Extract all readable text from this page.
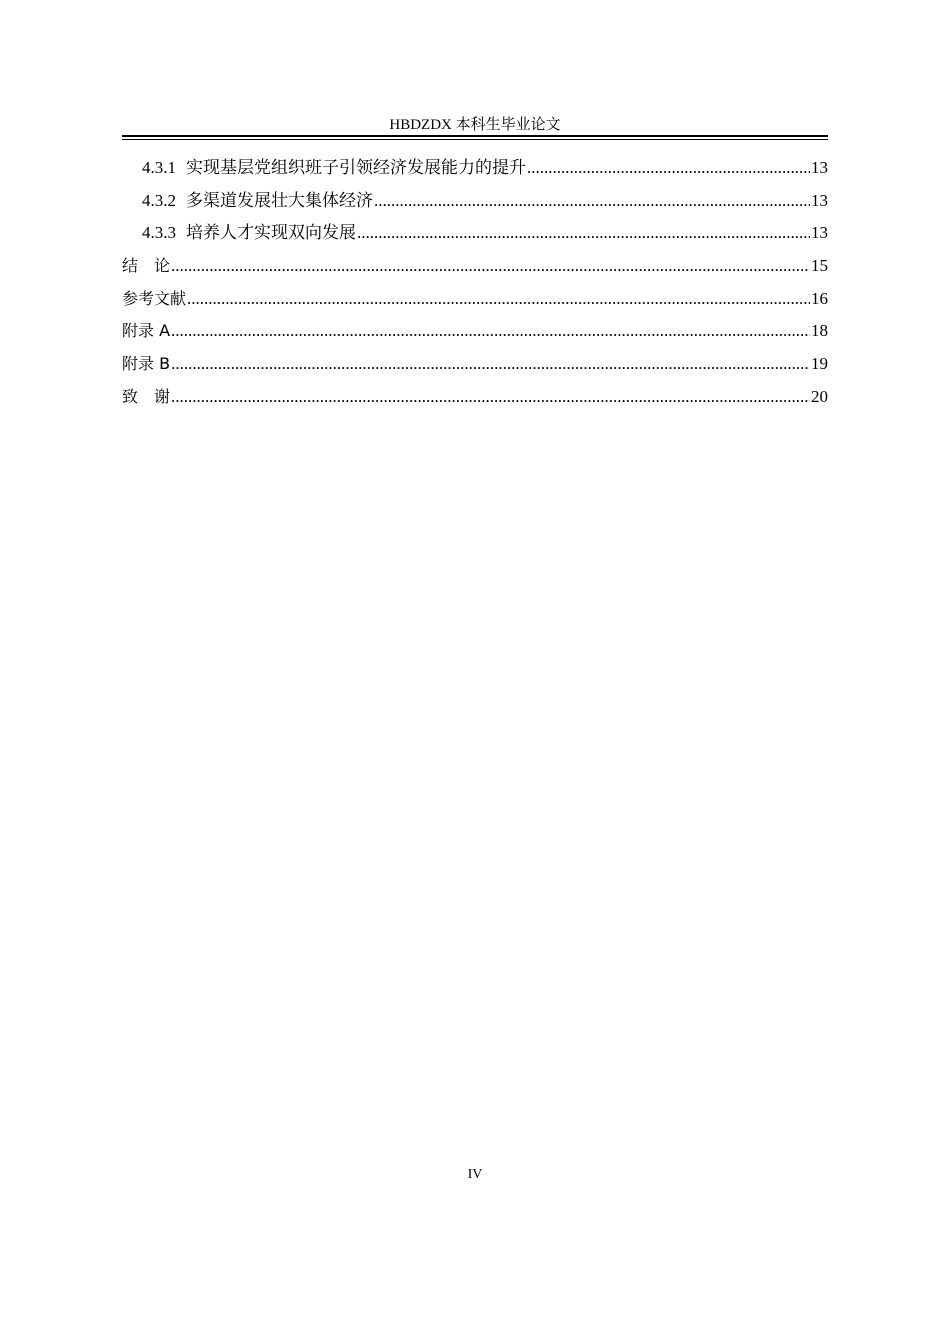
HBDZDX 本科生毕业论文
4.3.1 实现基层党组织班子引领经济发展能力的提升 .....	13
4.3.2 多渠道发展壮大集体经济 .....	13
4.3.3 培养人才实现双向发展 .....	13
结　论 .....	15
参考文献 .....	16
附录 A .....	18
附录 B .....	19
致　谢 .....	20
IV
